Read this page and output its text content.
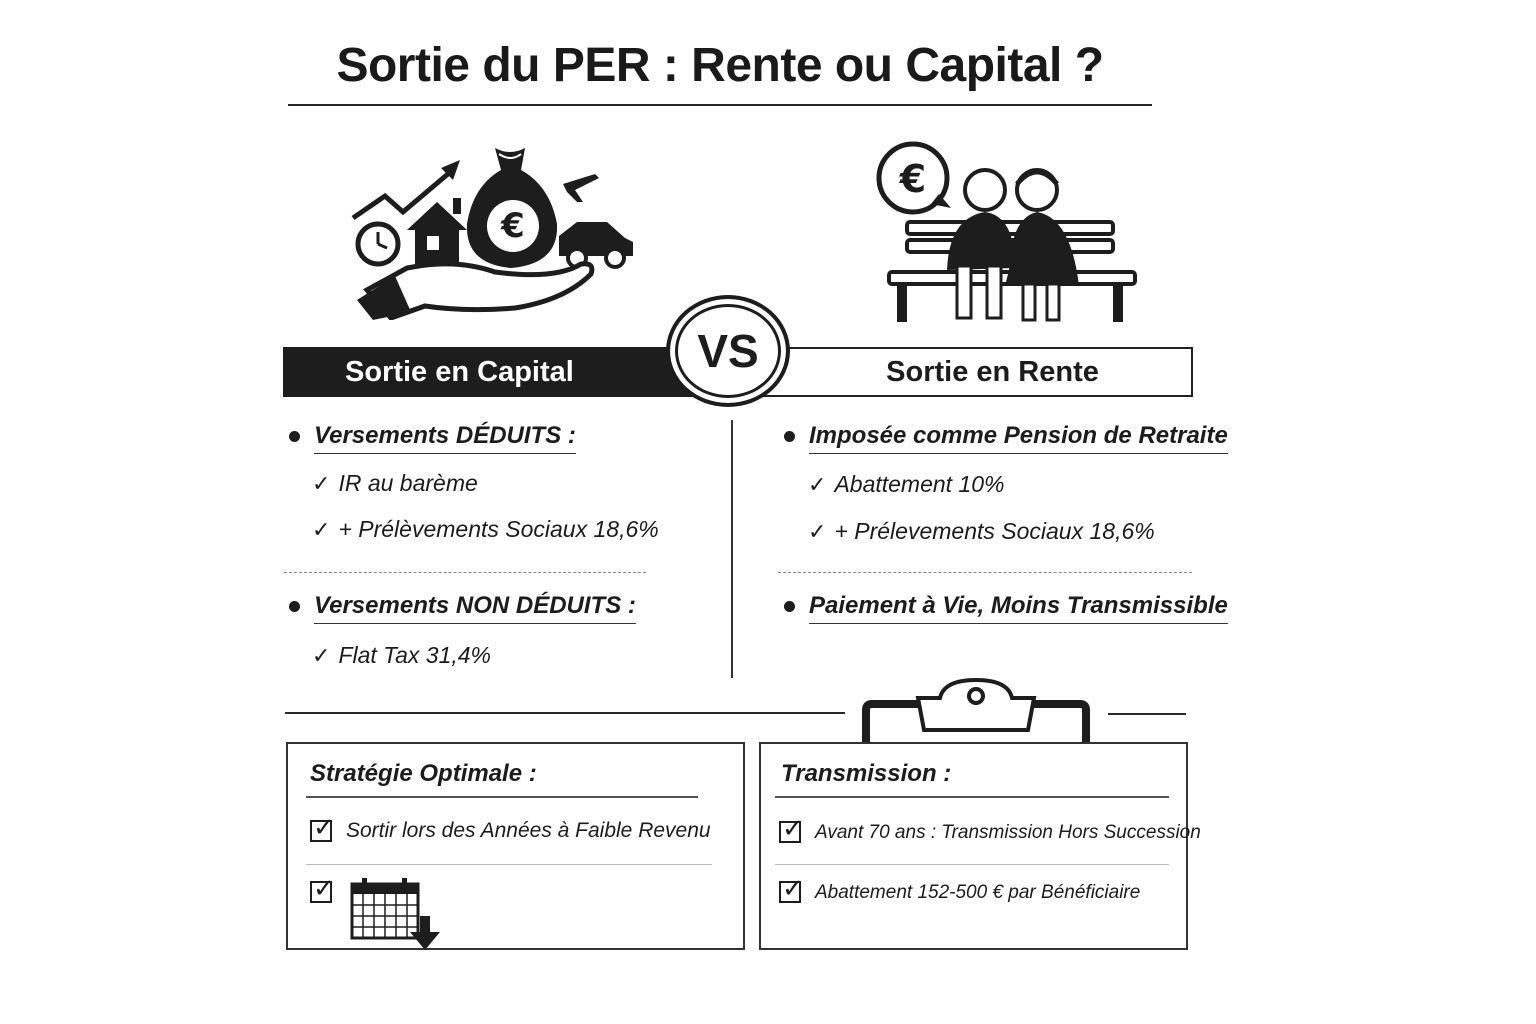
Sortie du PER : Rente ou Capital ?
€
€
Sortie en Capital	Sortie en Rente
VS
Versements DÉDUITS :
✓ IR au barème
✓ + Prélèvements Sociaux 18,6%
Versements NON DÉDUITS :
✓ Flat Tax 31,4%
Imposée comme Pension de Retraite
✓ Abattement 10%
✓ + Prélevements Sociaux 18,6%
Paiement à Vie, Moins Transmissible
Stratégie Optimale :
✓ Sortir lors des Années à Faible Revenu
✓
Transmission :
✓ Avant 70 ans : Transmission Hors Succession
✓ Abattement 152-500 € par Bénéficiaire
